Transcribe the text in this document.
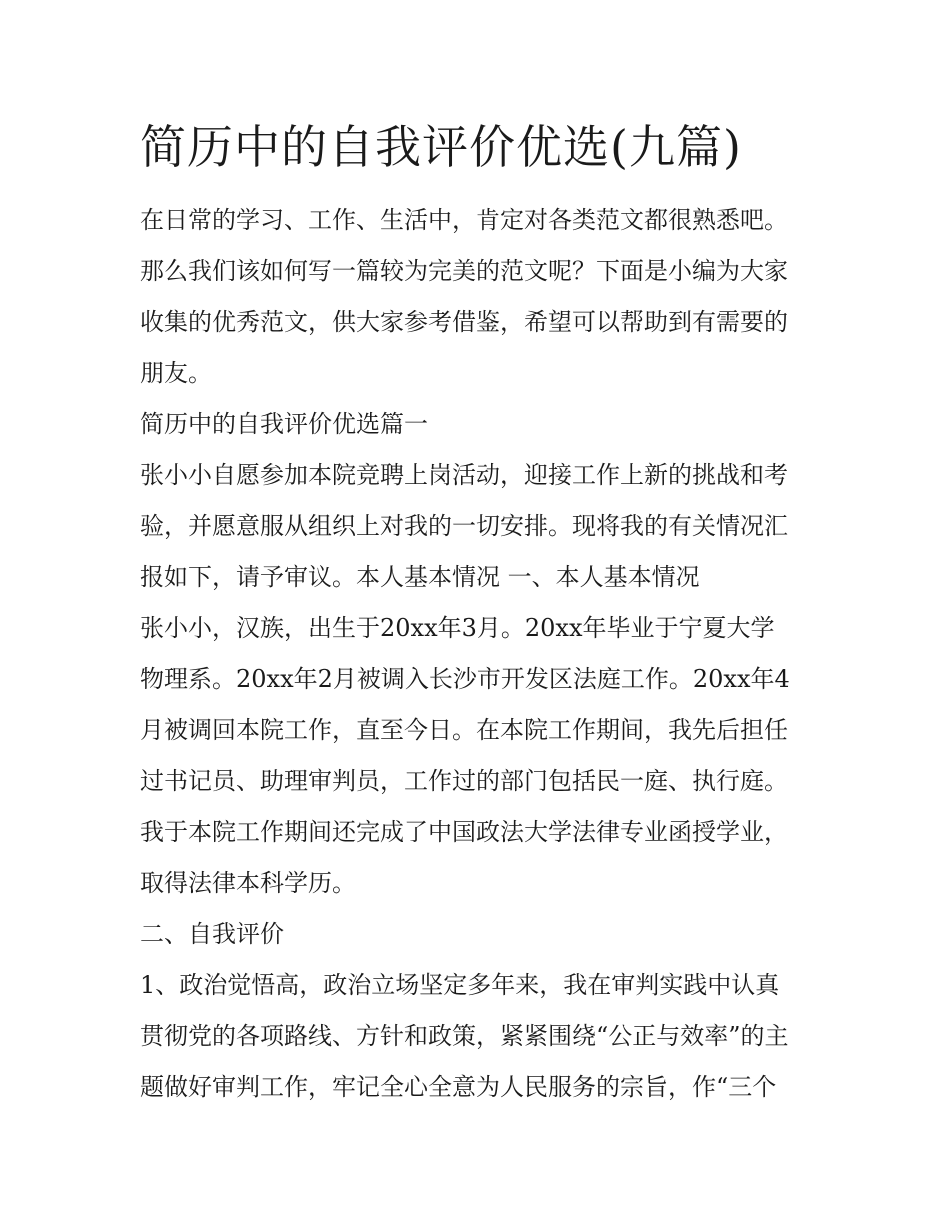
简历中的自我评价优选(九篇)

在日常的学习、工作、生活中，肯定对各类范文都很熟悉吧。

那么我们该如何写一篇较为完美的范文呢？下面是小编为大家

收集的优秀范文，供大家参考借鉴，希望可以帮助到有需要的

朋友。

简历中的自我评价优选篇一

张小小自愿参加本院竞聘上岗活动，迎接工作上新的挑战和考

验，并愿意服从组织上对我的一切安排。现将我的有关情况汇

报如下，请予审议。本人基本情况 一、本人基本情况

张小小，汉族，出生于20xx年3月。20xx年毕业于宁夏大学

物理系。20xx年2月被调入长沙市开发区法庭工作。20xx年4

月被调回本院工作，直至今日。在本院工作期间，我先后担任

过书记员、助理审判员，工作过的部门包括民一庭、执行庭。

我于本院工作期间还完成了中国政法大学法律专业函授学业，

取得法律本科学历。

二、自我评价

1、政治觉悟高，政治立场坚定多年来，我在审判实践中认真

贯彻党的各项路线、方针和政策，紧紧围绕“公正与效率”的主

题做好审判工作，牢记全心全意为人民服务的宗旨，作“三个
